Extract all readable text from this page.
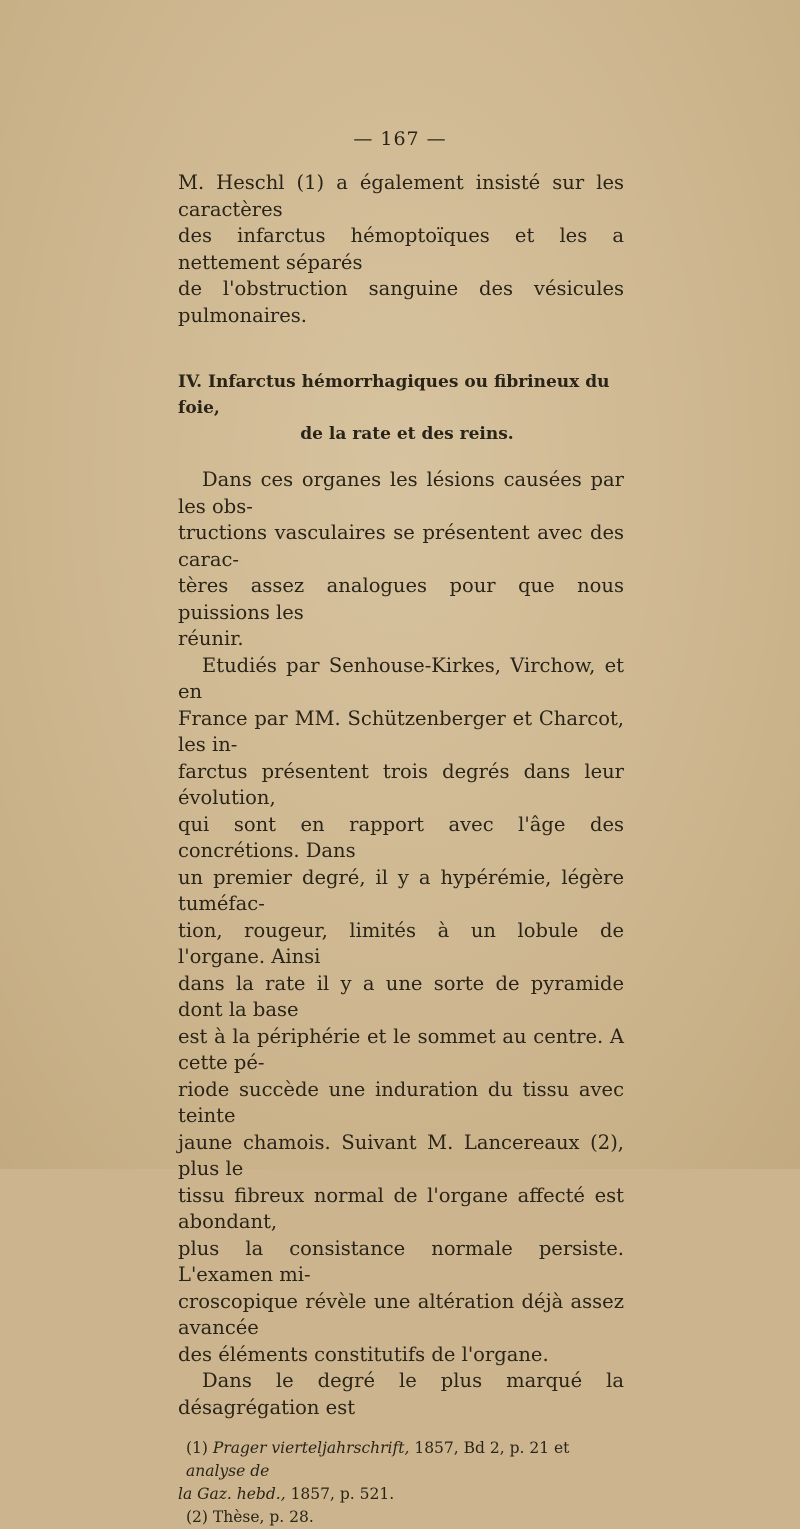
— 167 —

M. Heschl (1) a également insisté sur les caractères
des infarctus hémoptoïques et les a nettement séparés
de l'obstruction sanguine des vésicules pulmonaires.

IV. Infarctus hémorrhagiques ou fibrineux du foie,
de la rate et des reins.

Dans ces organes les lésions causées par les obs-
tructions vasculaires se présentent avec des carac-
tères assez analogues pour que nous puissions les
réunir.

Etudiés par Senhouse-Kirkes, Virchow, et en
France par MM. Schützenberger et Charcot, les in-
farctus présentent trois degrés dans leur évolution,
qui sont en rapport avec l'âge des concrétions. Dans
un premier degré, il y a hypérémie, légère tuméfac-
tion, rougeur, limités à un lobule de l'organe. Ainsi
dans la rate il y a une sorte de pyramide dont la base
est à la périphérie et le sommet au centre. A cette pé-
riode succède une induration du tissu avec teinte
jaune chamois. Suivant M. Lancereaux (2), plus le
tissu fibreux normal de l'organe affecté est abondant,
plus la consistance normale persiste. L'examen mi-
croscopique révèle une altération déjà assez avancée
des éléments constitutifs de l'organe.

Dans le degré le plus marqué la désagrégation est

(1) Prager vierteljahrschrift, 1857, Bd 2, p. 21 et analyse de
la Gaz. hebd., 1857, p. 521.
(2) Thèse, p. 28.
